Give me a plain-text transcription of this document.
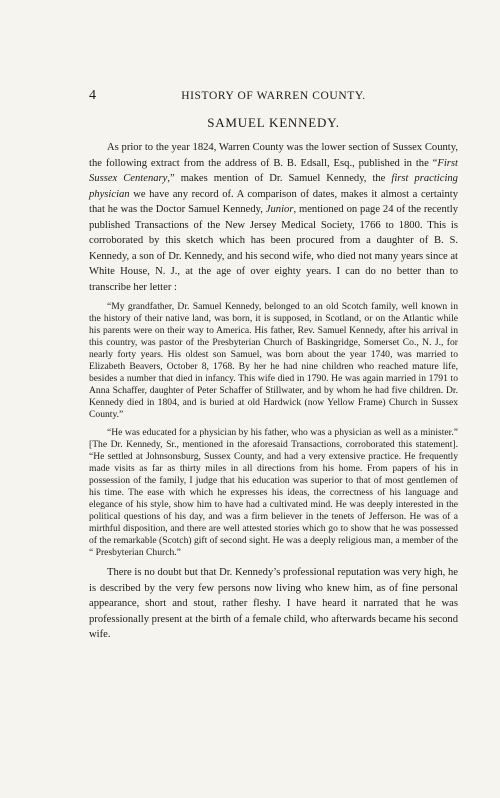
4	HISTORY OF WARREN COUNTY.
SAMUEL KENNEDY.

As prior to the year 1824, Warren County was the lower section of Sussex County, the following extract from the address of B. B. Edsall, Esq., published in the “First Sussex Centenary,” makes mention of Dr. Samuel Kennedy, the first practicing physician we have any record of. A comparison of dates, makes it almost a certainty that he was the Doctor Samuel Kennedy, Junior, mentioned on page 24 of the recently published Transactions of the New Jersey Medical Society, 1766 to 1800. This is corroborated by this sketch which has been procured from a daughter of B. S. Kennedy, a son of Dr. Kennedy, and his second wife, who died not many years since at White House, N. J., at the age of over eighty years. I can do no better than to transcribe her letter :

“My grandfather, Dr. Samuel Kennedy, belonged to an old Scotch family, well known in the history of their native land, was born, it is supposed, in Scotland, or on the Atlantic while his parents were on their way to America. His father, Rev. Samuel Kennedy, after his arrival in this country, was pastor of the Presbyterian Church of Baskingridge, Somerset Co., N. J., for nearly forty years. His oldest son Samuel, was born about the year 1740, was married to Elizabeth Beavers, October 8, 1768. By her he had nine children who reached mature life, besides a number that died in infancy. This wife died in 1790. He was again married in 1791 to Anna Schaffer, daughter of Peter Schaffer of Stillwater, and by whom he had five children. Dr. Kennedy died in 1804, and is buried at old Hardwick (now Yellow Frame) Church in Sussex County.”

“He was educated for a physician by his father, who was a physician as well as a minister.” [The Dr. Kennedy, Sr., mentioned in the aforesaid Transactions, corroborated this statement]. “He settled at Johnsonsburg, Sussex County, and had a very extensive practice. He frequently made visits as far as thirty miles in all directions from his home. From papers of his in possession of the family, I judge that his education was superior to that of most gentlemen of his time. The ease with which he expresses his ideas, the correctness of his language and elegance of his style, show him to have had a cultivated mind. He was deeply interested in the political questions of his day, and was a firm believer in the tenets of Jefferson. He was of a mirthful disposition, and there are well attested stories which go to show that he was possessed of the remarkable (Scotch) gift of second sight. He was a deeply religious man, a member of the “ Presbyterian Church.”

There is no doubt but that Dr. Kennedy’s professional reputation was very high, he is described by the very few persons now living who knew him, as of fine personal appearance, short and stout, rather fleshy. I have heard it narrated that he was professionally present at the birth of a female child, who afterwards became his second wife.
